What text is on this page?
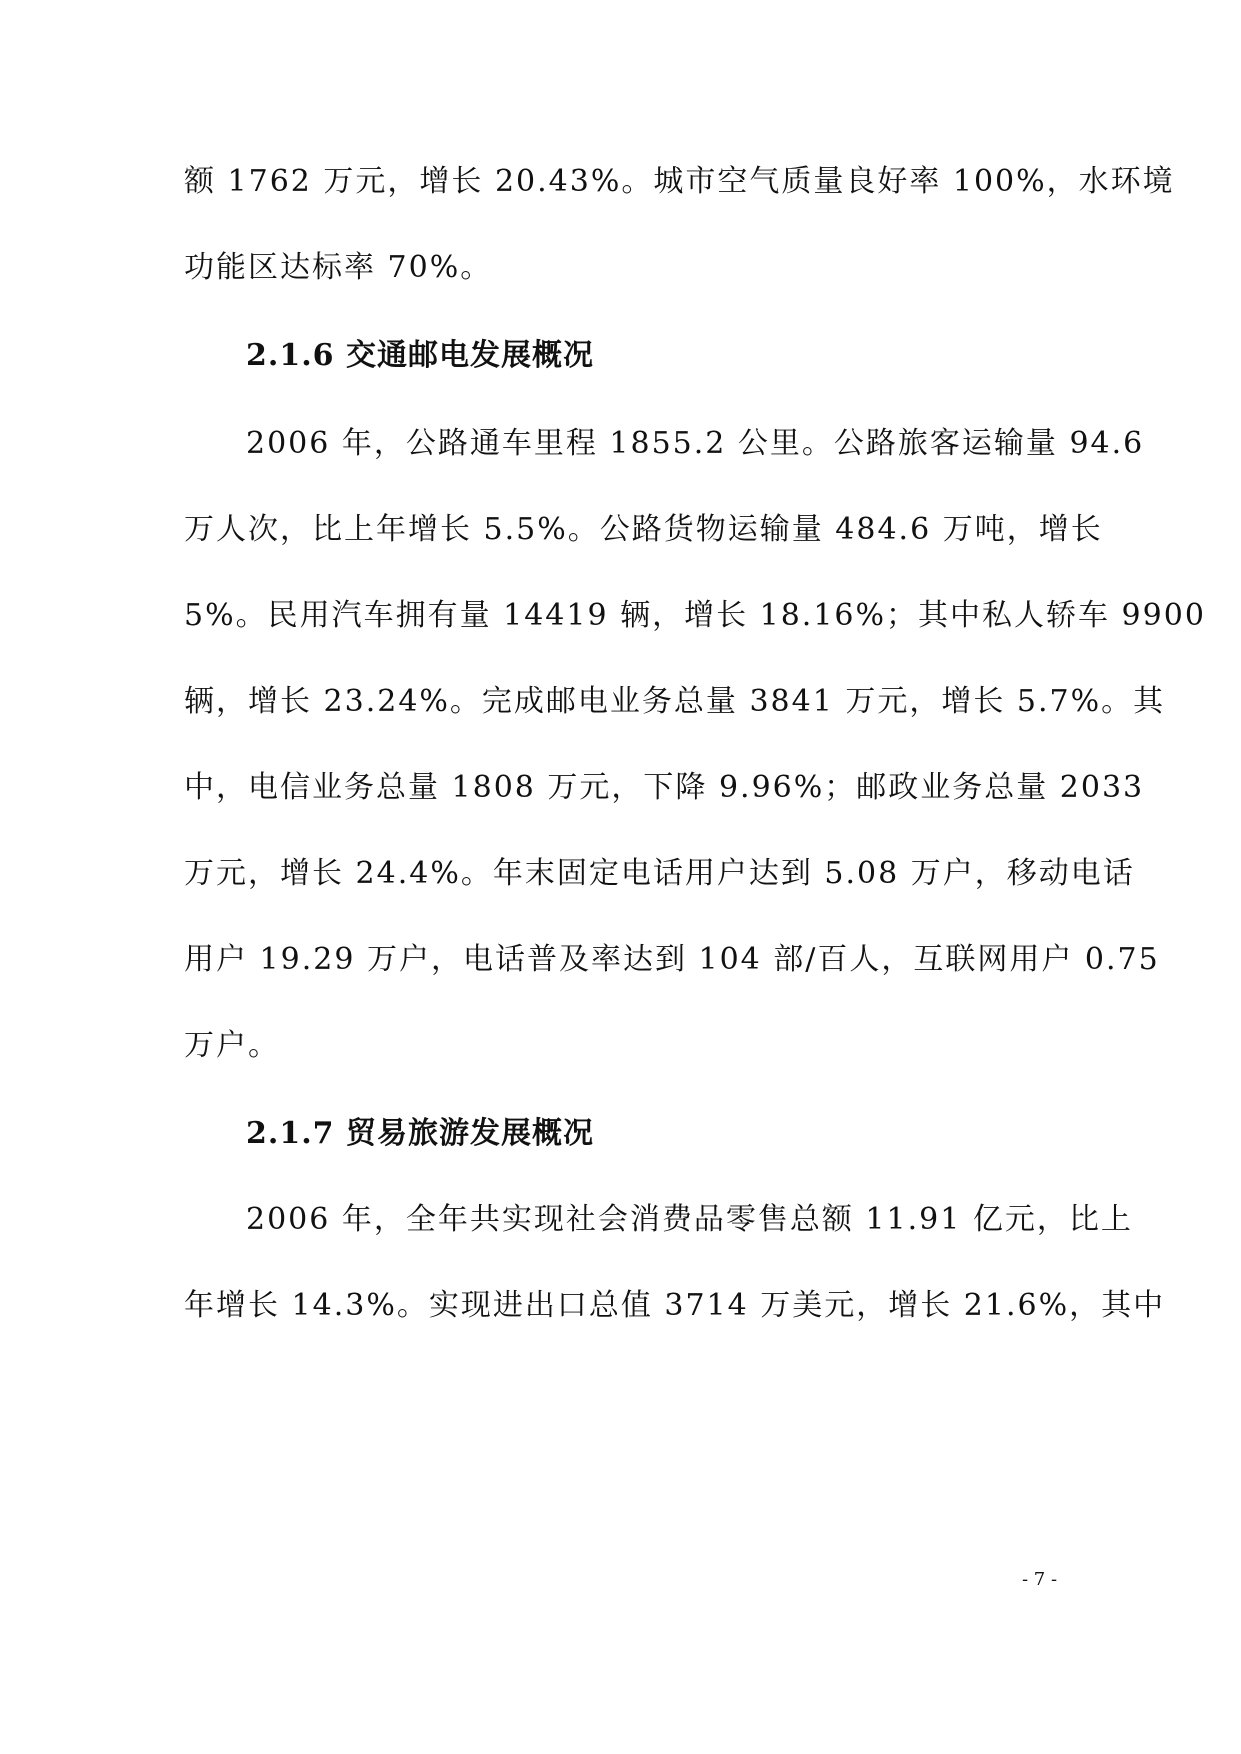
额 1762 万元，增长 20.43%。城市空气质量良好率 100%，水环境
功能区达标率 70%。
2.1.6 交通邮电发展概况
2006 年，公路通车里程 1855.2 公里。公路旅客运输量 94.6
万人次，比上年增长 5.5%。公路货物运输量 484.6 万吨，增长
5%。民用汽车拥有量 14419 辆，增长 18.16%；其中私人轿车 9900
辆，增长 23.24%。完成邮电业务总量 3841 万元，增长 5.7%。其
中，电信业务总量 1808 万元，下降 9.96%；邮政业务总量 2033
万元，增长 24.4%。年末固定电话用户达到 5.08 万户，移动电话
用户 19.29 万户，电话普及率达到 104 部/百人，互联网用户 0.75
万户。
2.1.7 贸易旅游发展概况
2006 年，全年共实现社会消费品零售总额 11.91 亿元，比上
年增长 14.3%。实现进出口总值 3714 万美元，增长 21.6%，其中
- 7 -
